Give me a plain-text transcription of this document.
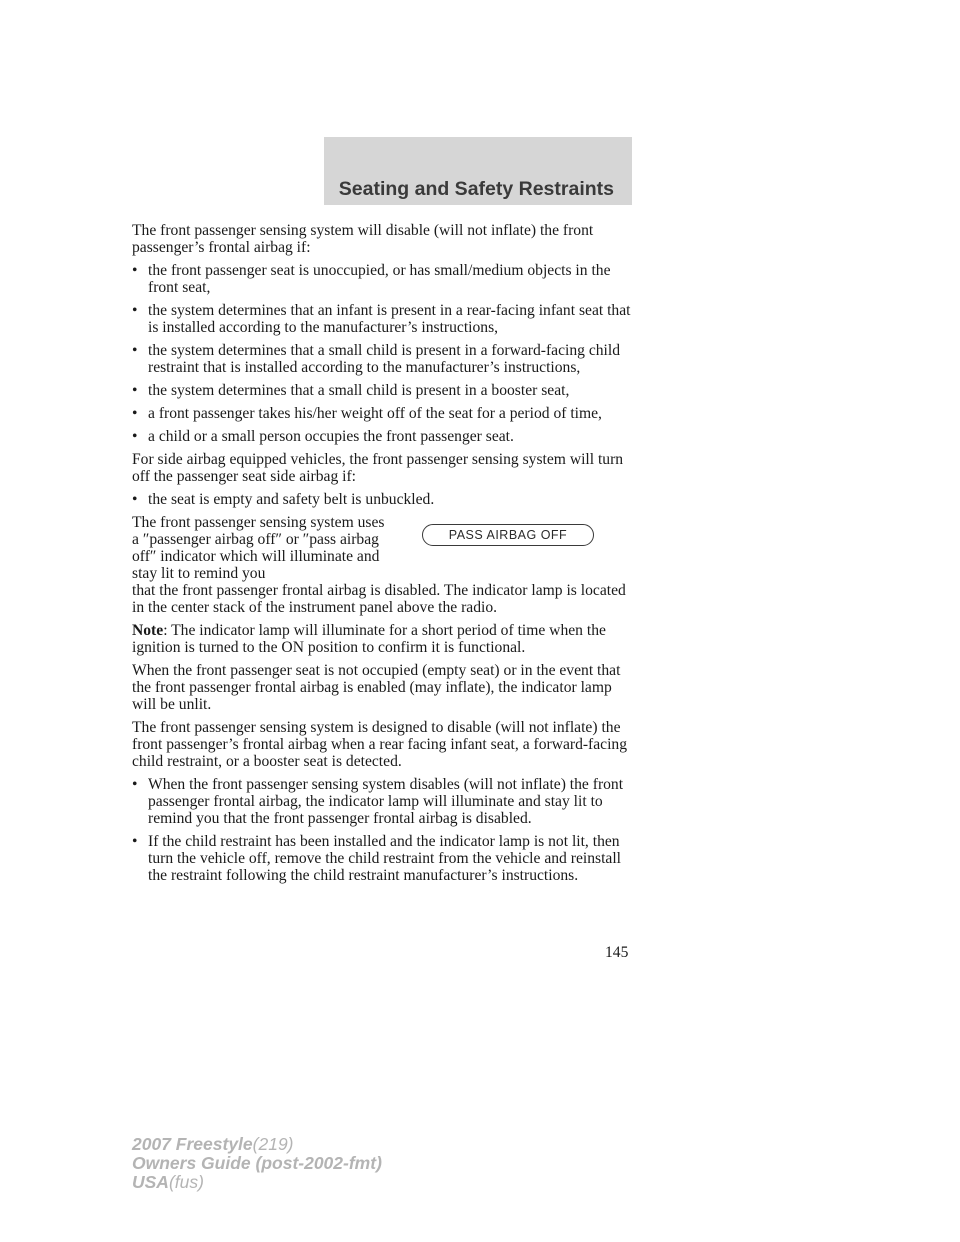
Seating and Safety Restraints

The front passenger sensing system will disable (will not inflate) the front passenger’s frontal airbag if:

• the front passenger seat is unoccupied, or has small/medium objects in the front seat,
• the system determines that an infant is present in a rear-facing infant seat that is installed according to the manufacturer’s instructions,
• the system determines that a small child is present in a forward-facing child restraint that is installed according to the manufacturer’s instructions,
• the system determines that a small child is present in a booster seat,
• a front passenger takes his/her weight off of the seat for a period of time,
• a child or a small person occupies the front passenger seat.

For side airbag equipped vehicles, the front passenger sensing system will turn off the passenger seat side airbag if:

• the seat is empty and safety belt is unbuckled.
The front passenger sensing system uses a ″passenger airbag off″ or ″pass airbag off″ indicator which will illuminate and stay lit to remind you
PASS AIRBAG OFF

that the front passenger frontal airbag is disabled. The indicator lamp is located in the center stack of the instrument panel above the radio.

Note: The indicator lamp will illuminate for a short period of time when the ignition is turned to the ON position to confirm it is functional.

When the front passenger seat is not occupied (empty seat) or in the event that the front passenger frontal airbag is enabled (may inflate), the indicator lamp will be unlit.

The front passenger sensing system is designed to disable (will not inflate) the front passenger’s frontal airbag when a rear facing infant seat, a forward-facing child restraint, or a booster seat is detected.

• When the front passenger sensing system disables (will not inflate) the front passenger frontal airbag, the indicator lamp will illuminate and stay lit to remind you that the front passenger frontal airbag is disabled.
• If the child restraint has been installed and the indicator lamp is not lit, then turn the vehicle off, remove the child restraint from the vehicle and reinstall the restraint following the child restraint manufacturer’s instructions.
145
2007 Freestyle(219)
Owners Guide (post-2002-fmt)
USA(fus)
